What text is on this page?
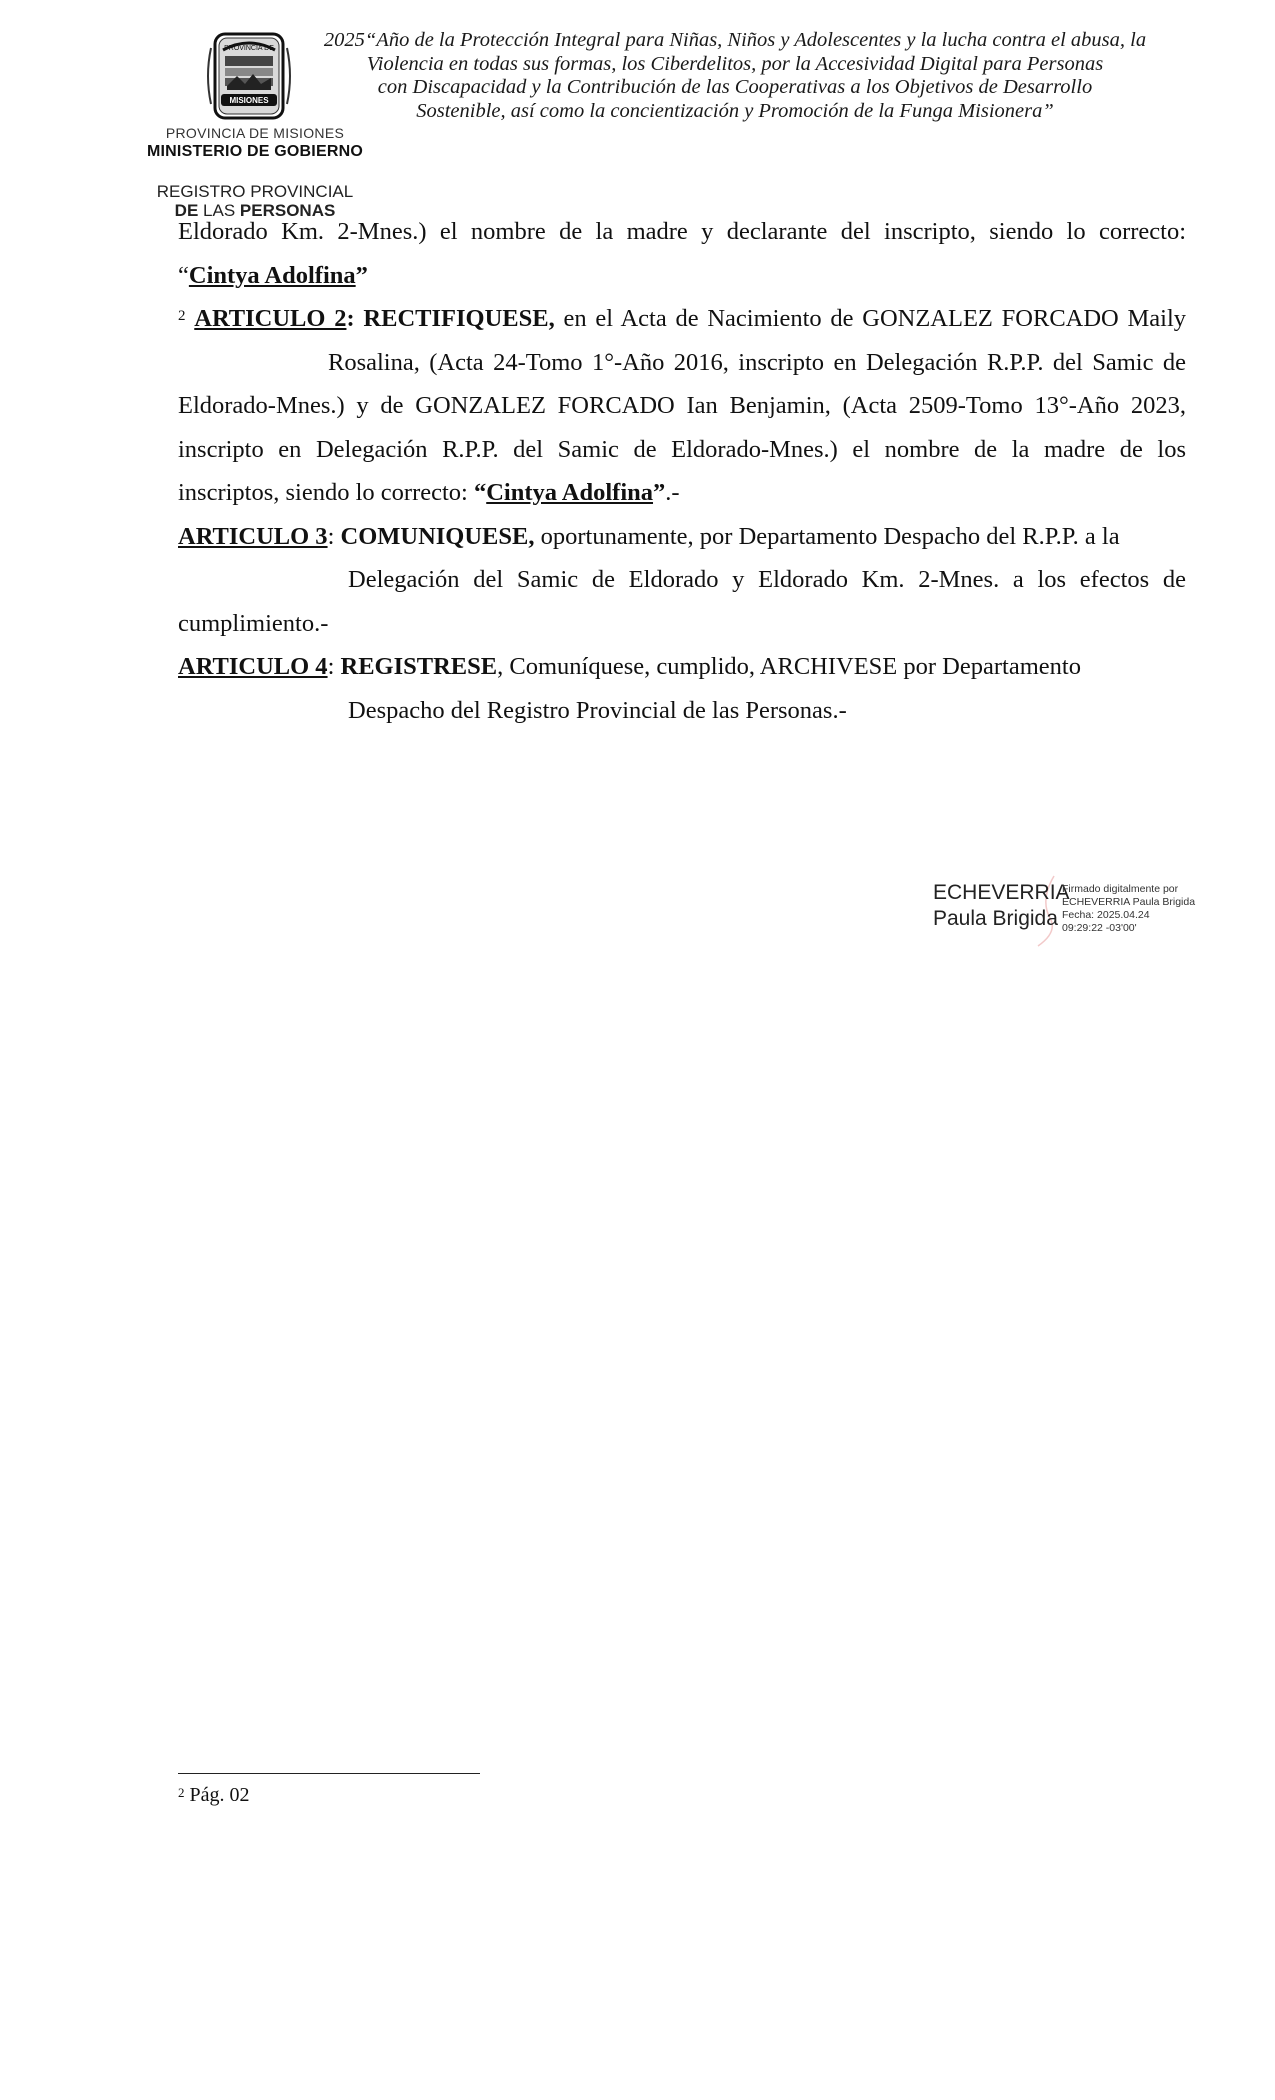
PROVINCIA DE
MISIONES
PROVINCIA DE MISIONES
MINISTERIO DE GOBIERNO
REGISTRO PROVINCIAL
DE LAS PERSONAS
2025“Año de la Protección Integral para Niñas, Niños y Adolescentes y la lucha contra el abusa, la
Violencia en todas sus formas, los Ciberdelitos, por la Accesividad Digital para Personas
con Discapacidad y la Contribución de las Cooperativas a los Objetivos de Desarrollo
Sostenible, así como la concientización y Promoción de la Funga Misionera”

Eldorado Km. 2-Mnes.) el nombre de la madre y declarante del inscripto, siendo lo correcto:

“Cintya Adolfina”

$^2$ ARTICULO 2: RECTIFIQUESE, en el Acta de Nacimiento de GONZALEZ FORCADO Maily

Rosalina, (Acta 24-Tomo 1°-Año 2016, inscripto en Delegación R.P.P. del Samic de

Eldorado-Mnes.) y de GONZALEZ FORCADO Ian Benjamin, (Acta 2509-Tomo 13°-Año 2023,

inscripto en Delegación R.P.P. del Samic de Eldorado-Mnes.) el nombre de la madre de los

inscriptos, siendo lo correcto: “Cintya Adolfina”.-

ARTICULO 3: COMUNIQUESE, oportunamente, por Departamento Despacho del R.P.P. a la

Delegación del Samic de Eldorado y Eldorado Km. 2-Mnes. a los efectos de

cumplimiento.-

ARTICULO 4: REGISTRESE, Comuníquese, cumplido, ARCHIVESE por Departamento

Despacho del Registro Provincial de las Personas.-

ECHEVERRIA
Paula Brigida
Firmado digitalmente por
ECHEVERRIA Paula Brigida
Fecha: 2025.04.24
09:29:22 -03'00'
$^2$ Pág. 02
